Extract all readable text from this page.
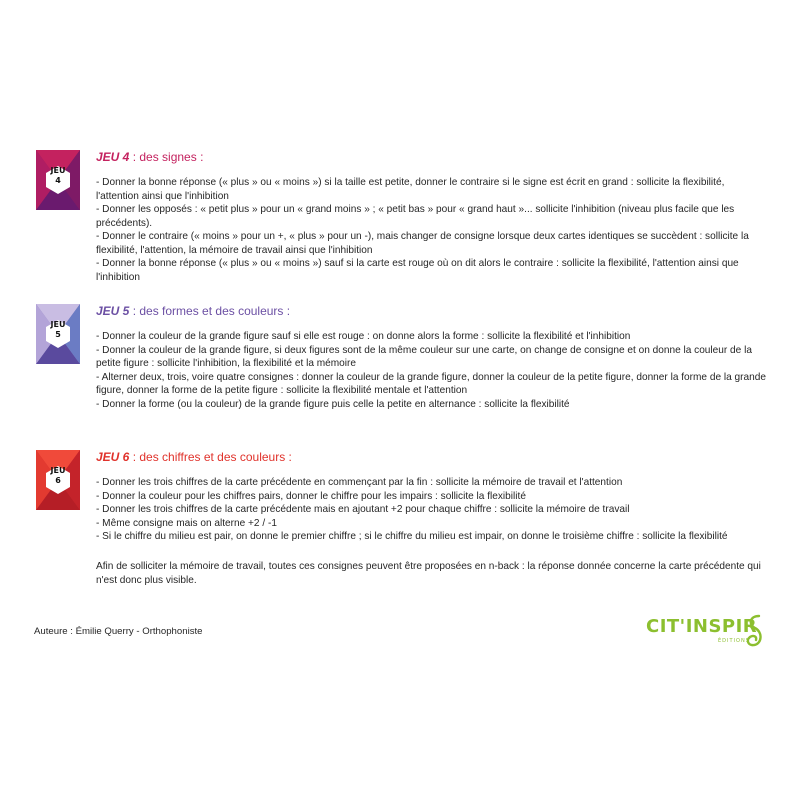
JEU
4
JEU 4 : des signes :
- Donner la bonne réponse (« plus » ou « moins ») si la taille est petite, donner le contraire si le signe est écrit en grand : sollicite la flexibilité, l'attention ainsi que l'inhibition
- Donner les opposés : « petit plus » pour un « grand moins » ; « petit bas » pour « grand haut »... sollicite l'inhibition (niveau plus facile que les précédents).
- Donner le contraire (« moins » pour un +, « plus » pour un -), mais changer de consigne lorsque deux cartes identiques se succèdent : sollicite la flexibilité, l'attention, la mémoire de travail ainsi que l'inhibition
- Donner la bonne réponse (« plus » ou « moins ») sauf si la carte est rouge où on dit alors le contraire : sollicite la flexibilité, l'attention ainsi que l'inhibition
JEU
5
JEU 5 : des formes et des couleurs :
- Donner la couleur de la grande figure sauf si elle est rouge : on donne alors la forme : sollicite la flexibilité et l'inhibition
- Donner la couleur de la grande figure, si deux figures sont de la même couleur sur une carte, on change de consigne et on donne la couleur de la petite figure : sollicite l'inhibition, la flexibilité et la mémoire
- Alterner deux, trois, voire quatre consignes : donner la couleur de la grande figure, donner la couleur de la petite figure, donner la forme de la grande figure, donner la forme de la petite figure : sollicite la flexibilité mentale et l'attention
- Donner la forme (ou la couleur) de la grande figure puis celle la petite en alternance : sollicite la flexibilité
JEU
6
JEU 6 : des chiffres et des couleurs :
- Donner les trois chiffres de la carte précédente en commençant par la fin : sollicite la mémoire de travail et l'attention
- Donner la couleur pour les chiffres pairs, donner le chiffre pour les impairs : sollicite la flexibilité
- Donner les trois chiffres de la carte précédente mais en ajoutant +2 pour chaque chiffre : sollicite la mémoire de travail
- Même consigne mais on alterne +2 / -1
- Si le chiffre du milieu est pair, on donne le premier chiffre ; si le chiffre du milieu est impair, on donne le troisième chiffre : sollicite la flexibilité

Afin de solliciter la mémoire de travail, toutes ces consignes peuvent être proposées en n-back : la réponse donnée concerne la carte précédente qui n'est donc plus visible.

Auteure : Émilie Querry - Orthophoniste	CIT'INSPIR
ÉDITIONS
